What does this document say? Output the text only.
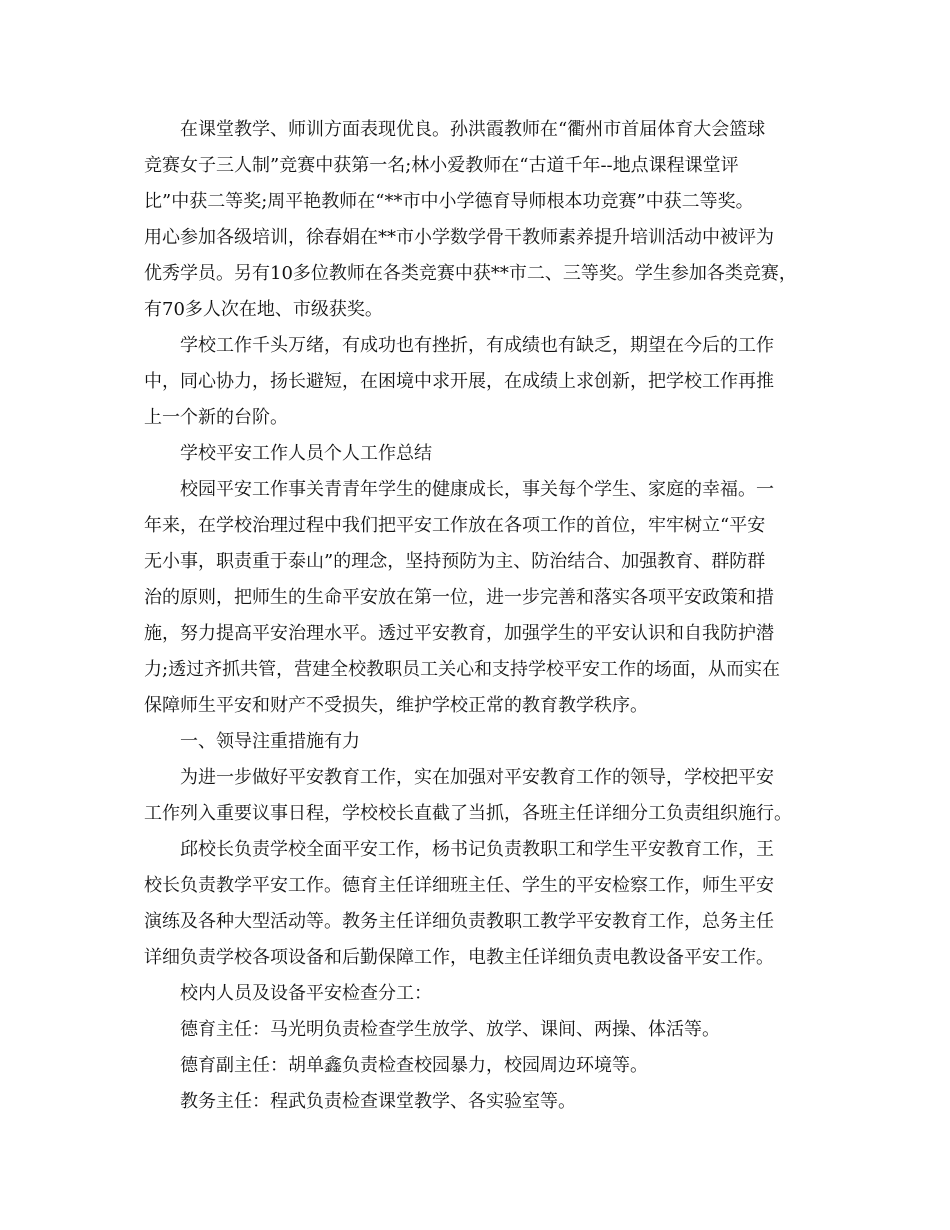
在课堂教学、师训方面表现优良。孙洪霞教师在“衢州市首届体育大会篮球
竞赛女子三人制”竞赛中获第一名;林小爱教师在“古道千年--地点课程课堂评
比”中获二等奖;周平艳教师在“**市中小学德育导师根本功竞赛”中获二等奖。
用心参加各级培训，徐春娟在**市小学数学骨干教师素养提升培训活动中被评为
优秀学员。另有10多位教师在各类竞赛中获**市二、三等奖。学生参加各类竞赛，
有70多人次在地、市级获奖。
学校工作千头万绪，有成功也有挫折，有成绩也有缺乏，期望在今后的工作
中，同心协力，扬长避短，在困境中求开展，在成绩上求创新，把学校工作再推
上一个新的台阶。
学校平安工作人员个人工作总结
校园平安工作事关青青年学生的健康成长，事关每个学生、家庭的幸福。一
年来，在学校治理过程中我们把平安工作放在各项工作的首位，牢牢树立“平安
无小事，职责重于泰山”的理念，坚持预防为主、防治结合、加强教育、群防群
治的原则，把师生的生命平安放在第一位，进一步完善和落实各项平安政策和措
施，努力提高平安治理水平。透过平安教育，加强学生的平安认识和自我防护潜
力;透过齐抓共管，营建全校教职员工关心和支持学校平安工作的场面，从而实在
保障师生平安和财产不受损失，维护学校正常的教育教学秩序。
一、领导注重措施有力
为进一步做好平安教育工作，实在加强对平安教育工作的领导，学校把平安
工作列入重要议事日程，学校校长直截了当抓，各班主任详细分工负责组织施行。
邱校长负责学校全面平安工作，杨书记负责教职工和学生平安教育工作，王
校长负责教学平安工作。德育主任详细班主任、学生的平安检察工作，师生平安
演练及各种大型活动等。教务主任详细负责教职工教学平安教育工作，总务主任
详细负责学校各项设备和后勤保障工作，电教主任详细负责电教设备平安工作。
校内人员及设备平安检查分工：
德育主任：马光明负责检查学生放学、放学、课间、两操、体活等。
德育副主任：胡单鑫负责检查校园暴力，校园周边环境等。
教务主任：程武负责检查课堂教学、各实验室等。
